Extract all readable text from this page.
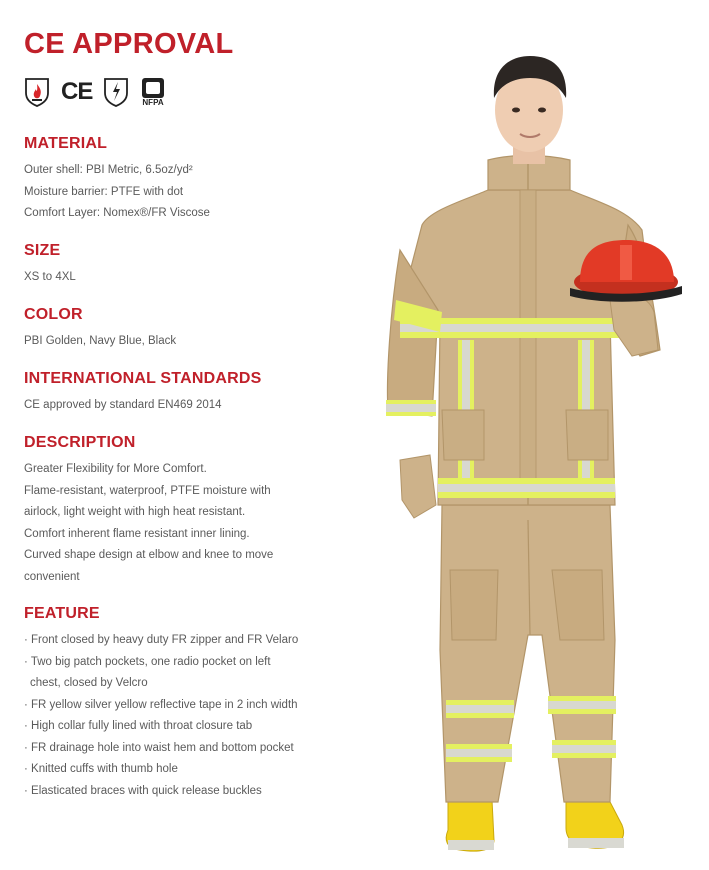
CE APPROVAL
CE	NFPA
MATERIAL
Outer shell: PBI Metric, 6.5oz/yd²
Moisture barrier: PTFE with dot
Comfort Layer: Nomex®/FR Viscose
SIZE
XS to 4XL
COLOR
PBI Golden, Navy Blue, Black
INTERNATIONAL STANDARDS
CE approved by standard EN469 2014
DESCRIPTION
Greater Flexibility for More Comfort.
Flame-resistant, waterproof, PTFE moisture with
airlock, light weight with high heat resistant.
Comfort inherent flame resistant inner lining.
Curved shape design at elbow and knee to move
convenient
FEATURE
· Front closed by heavy duty FR zipper and FR Velaro
· Two big patch pockets, one radio pocket on left
chest, closed by Velcro
· FR yellow silver yellow reflective tape in 2 inch width
· High collar fully lined with throat closure tab
· FR drainage hole into waist hem and bottom pocket
· Knitted cuffs with thumb hole
· Elasticated braces with quick release buckles
